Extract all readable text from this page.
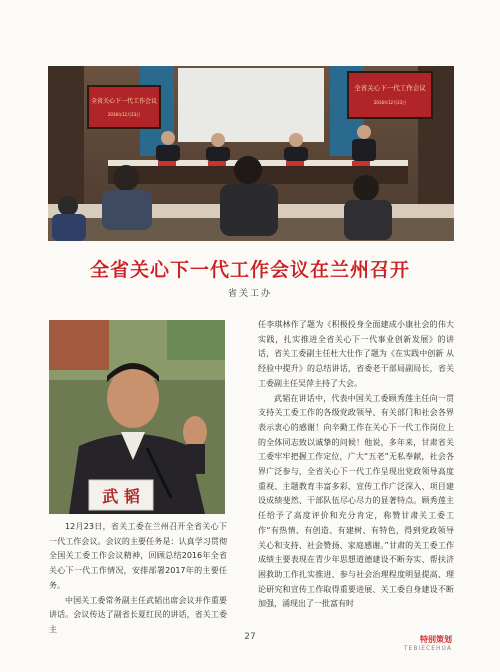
全省关心下一代工作会议
2016年12月23日
全省关心下一代工作会议
2016年12月23日
全省关心下一代工作会议在兰州召开
省关工办
武 韬

12月23日，省关工委在兰州召开全省关心下一代工作会议。会议的主要任务是：认真学习贯彻全国关工委工作会议精神，回顾总结2016年全省关心下一代工作情况，安排部署2017年的主要任务。

中国关工委常务副主任武韬出席会议并作重要讲话。会议传达了副省长夏红民的讲话，省关工委主

任李琪林作了题为《积极投身全面建成小康社会的伟大实践，扎实推进全省关心下一代事业创新发展》的讲话，省关工委副主任杜大仕作了题为《在实践中创新 从经验中提升》的总结讲话，省委老干部局副局长，省关工委副主任吴萍主持了大会。

武韬在讲话中，代表中国关工委顾秀莲主任向一贯支持关工委工作的各级党政领导、有关部门和社会各界表示衷心的感谢！向辛勤工作在关心下一代工作岗位上的全体同志致以诚挚的问候！他说，多年来，甘肃省关工委牢牢把握工作定位，广大“五老”无私奉献，社会各界广泛参与，全省关心下一代工作呈现出党政领导高度重视、主题教育丰富多彩、宣传工作广泛深入、项目建设成绩斐然、干部队伍尽心尽力的显著特点。顾秀莲主任给予了高度评价和充分肯定，称赞甘肃关工委工作“有热情、有创造、有建树、有特色，得到党政领导关心和支持、社会赞扬、家庭感谢。”甘肃的关工委工作成绩主要表现在青少年思想道德建设不断夯实、帮扶济困救助工作扎实推进、参与社会治理程度明显提高、理论研究和宣传工作取得重要进展、关工委自身建设不断加强，涌现出了一批富有时

27	特别策划
TEBIECEHUA
